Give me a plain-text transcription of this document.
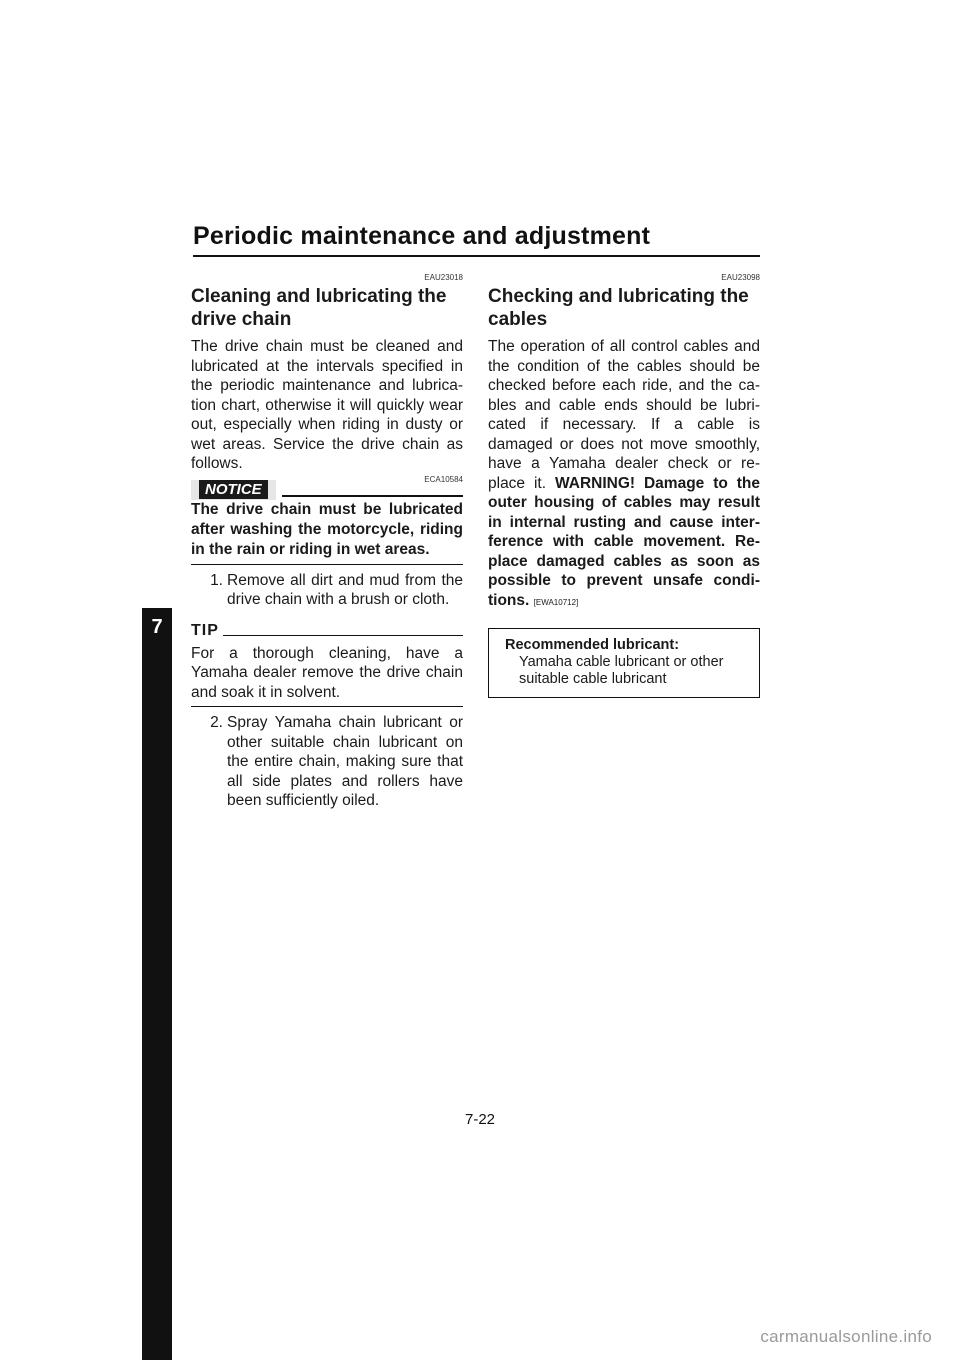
Periodic maintenance and adjustment
7
EAU23018
Cleaning and lubricating the
drive chain

The drive chain must be cleaned and lubricated at the intervals specified in the periodic maintenance and lubrica- tion chart, otherwise it will quickly wear out, especially when riding in dusty or wet areas. Service the drive chain as follows.

NOTICE
ECA10584

The drive chain must be lubricated after washing the motorcycle, riding in the rain or riding in wet areas.

1. Remove all dirt and mud from the drive chain with a brush or cloth.
TIP

For a thorough cleaning, have a Yamaha dealer remove the drive chain and soak it in solvent.

2. Spray Yamaha chain lubricant or other suitable chain lubricant on the entire chain, making sure that all side plates and rollers have been sufficiently oiled.
EAU23098
Checking and lubricating the
cables

The operation of all control cables and the condition of the cables should be checked before each ride, and the ca- bles and cable ends should be lubri- cated if necessary. If a cable is damaged or does not move smoothly, have a Yamaha dealer check or re- place it. WARNING! Damage to the outer housing of cables may result in internal rusting and cause inter- ference with cable movement. Re- place damaged cables as soon as possible to prevent unsafe condi- tions. [EWA10712]

Recommended lubricant:
Yamaha cable lubricant or other
suitable cable lubricant
7-22
carmanualsonline.info
